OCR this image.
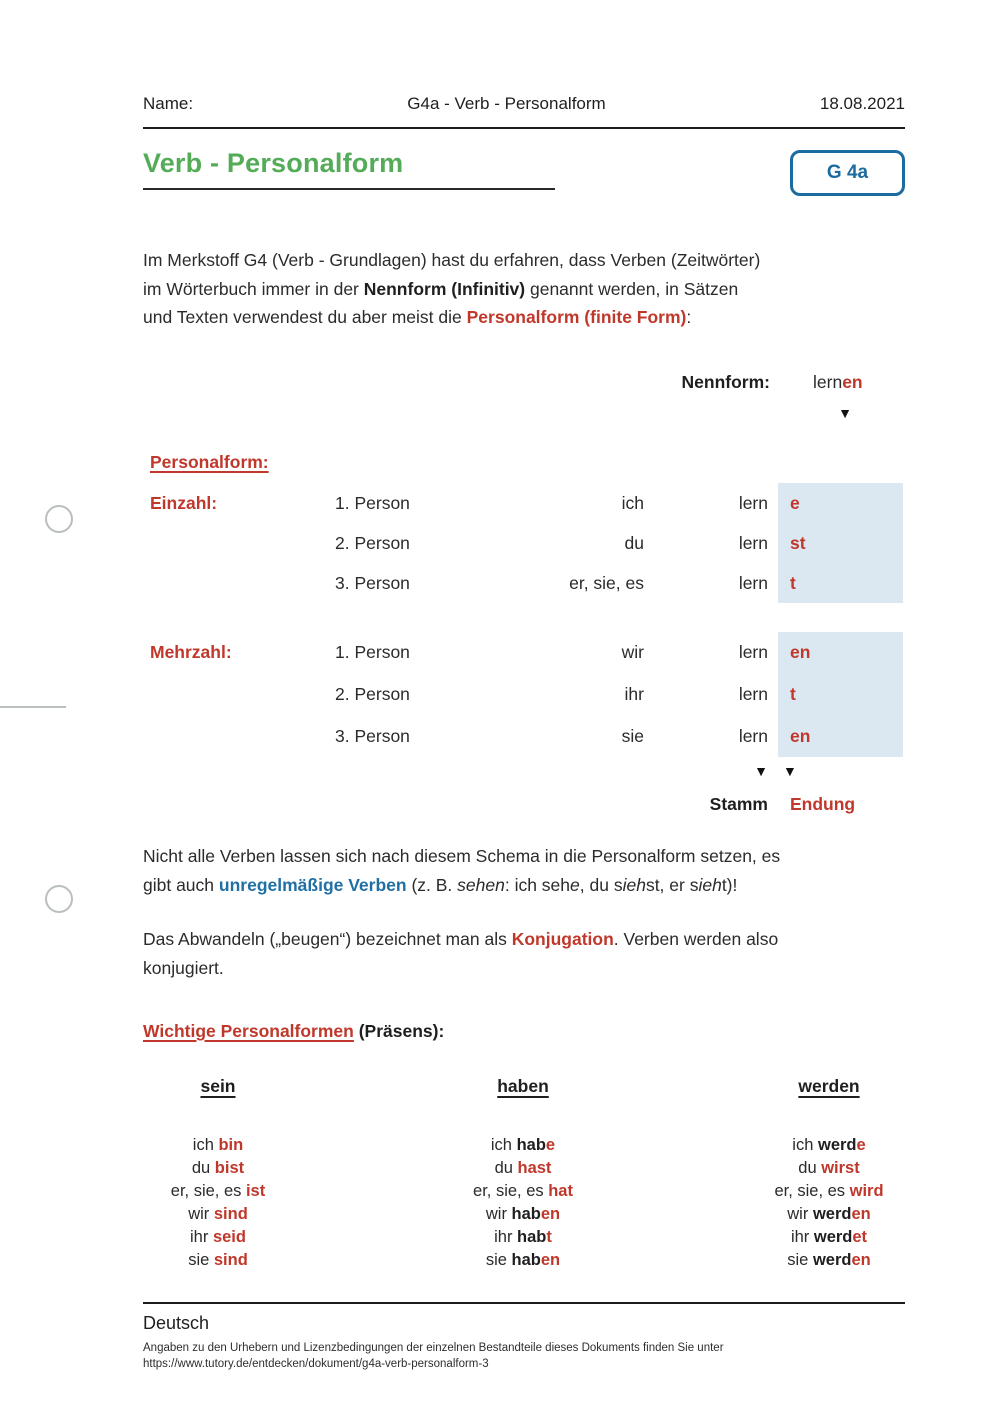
Name:	G4a - Verb - Personalform	18.08.2021
Verb - Personalform	G 4a
Im Merkstoff G4 (Verb - Grundlagen) hast du erfahren, dass Verben (Zeitwörter)
im Wörterbuch immer in der Nennform (Infinitiv) genannt werden, in Sätzen
und Texten verwendest du aber meist die Personalform (finite Form):
Nennform:	lernen
▼
Personalform:
Einzahl:	1. Person	ich	lern	e
2. Person	du	lern	st
3. Person	er, sie, es	lern	t
Mehrzahl:	1. Person	wir	lern	en
2. Person	ihr	lern	t
3. Person	sie	lern	en
▼	▼
Stamm	Endung
Nicht alle Verben lassen sich nach diesem Schema in die Personalform setzen, es
gibt auch unregelmäßige Verben (z. B. sehen: ich sehe, du siehst, er sieht)!
Das Abwandeln („beugen“) bezeichnet man als Konjugation. Verben werden also
konjugiert.
Wichtige Personalformen (Präsens):
sein
ich bin
du bist
er, sie, es ist
wir sind
ihr seid
sie sind
haben
ich habe
du hast
er, sie, es hat
wir haben
ihr habt
sie haben
werden
ich werde
du wirst
er, sie, es wird
wir werden
ihr werdet
sie werden
Deutsch
Angaben zu den Urhebern und Lizenzbedingungen der einzelnen Bestandteile dieses Dokuments finden Sie unter
https://www.tutory.de/entdecken/dokument/g4a-verb-personalform-3
